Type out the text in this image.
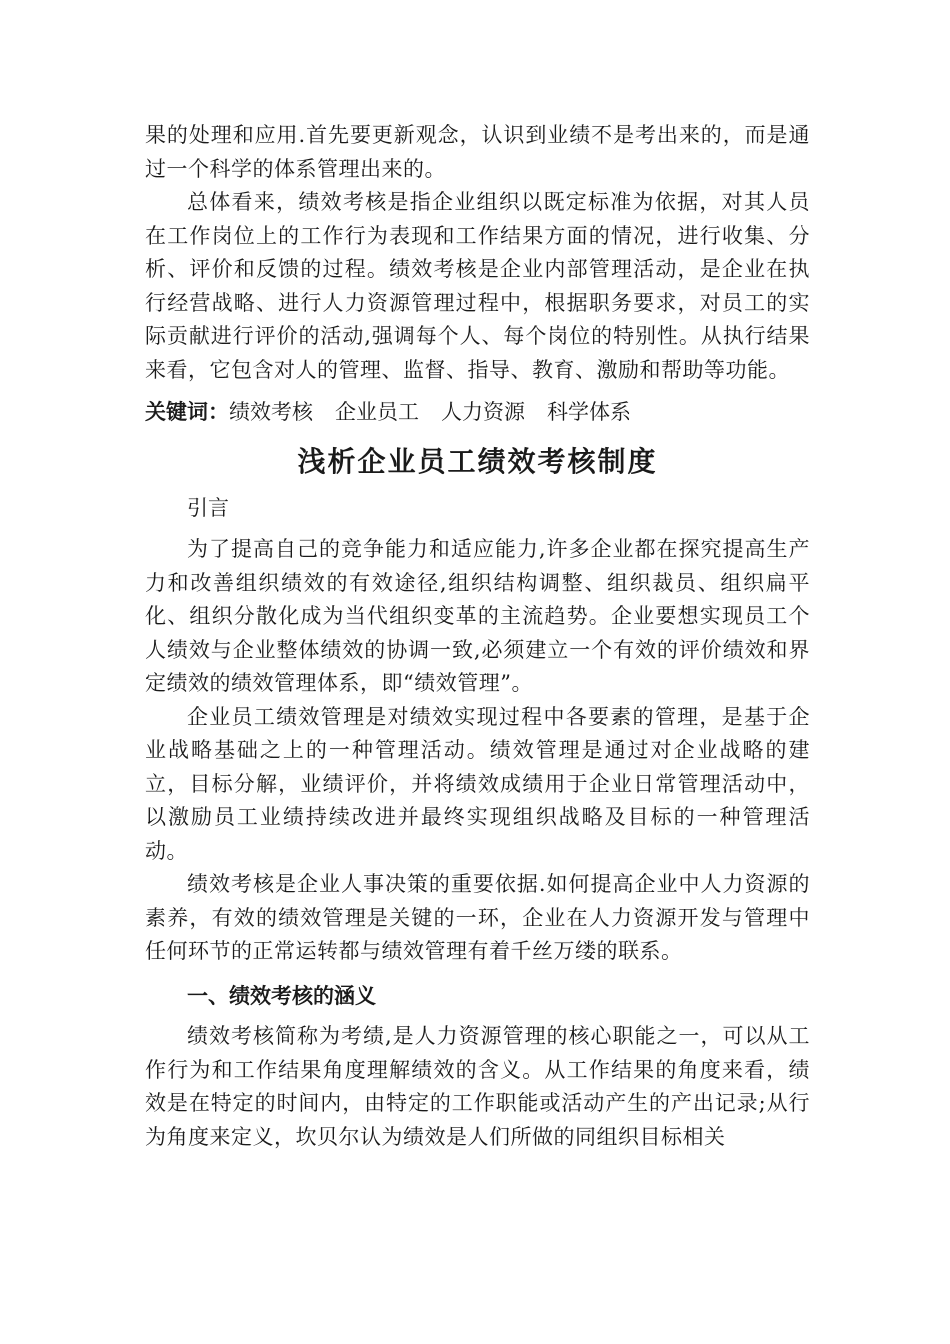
果的处理和应用.首先要更新观念，认识到业绩不是考出来的，而是通过一个科学的体系管理出来的。

总体看来，绩效考核是指企业组织以既定标准为依据，对其人员在工作岗位上的工作行为表现和工作结果方面的情况，进行收集、分析、评价和反馈的过程。绩效考核是企业内部管理活动，是企业在执行经营战略、进行人力资源管理过程中，根据职务要求，对员工的实际贡献进行评价的活动,强调每个人、每个岗位的特别性。从执行结果来看，它包含对人的管理、监督、指导、教育、激励和帮助等功能。

关键词：绩效考核 企业员工 人力资源 科学体系
浅析企业员工绩效考核制度
引言

为了提高自己的竞争能力和适应能力,许多企业都在探究提高生产力和改善组织绩效的有效途径,组织结构调整、组织裁员、组织扁平化、组织分散化成为当代组织变革的主流趋势。企业要想实现员工个人绩效与企业整体绩效的协调一致,必须建立一个有效的评价绩效和界定绩效的绩效管理体系，即“绩效管理”。

企业员工绩效管理是对绩效实现过程中各要素的管理，是基于企业战略基础之上的一种管理活动。绩效管理是通过对企业战略的建立，目标分解，业绩评价，并将绩效成绩用于企业日常管理活动中，以激励员工业绩持续改进并最终实现组织战略及目标的一种管理活动。

绩效考核是企业人事决策的重要依据.如何提高企业中人力资源的素养，有效的绩效管理是关键的一环，企业在人力资源开发与管理中任何环节的正常运转都与绩效管理有着千丝万缕的联系。

一、绩效考核的涵义

绩效考核简称为考绩,是人力资源管理的核心职能之一，可以从工作行为和工作结果角度理解绩效的含义。从工作结果的角度来看，绩效是在特定的时间内，由特定的工作职能或活动产生的产出记录;从行为角度来定义，坎贝尔认为绩效是人们所做的同组织目标相关
